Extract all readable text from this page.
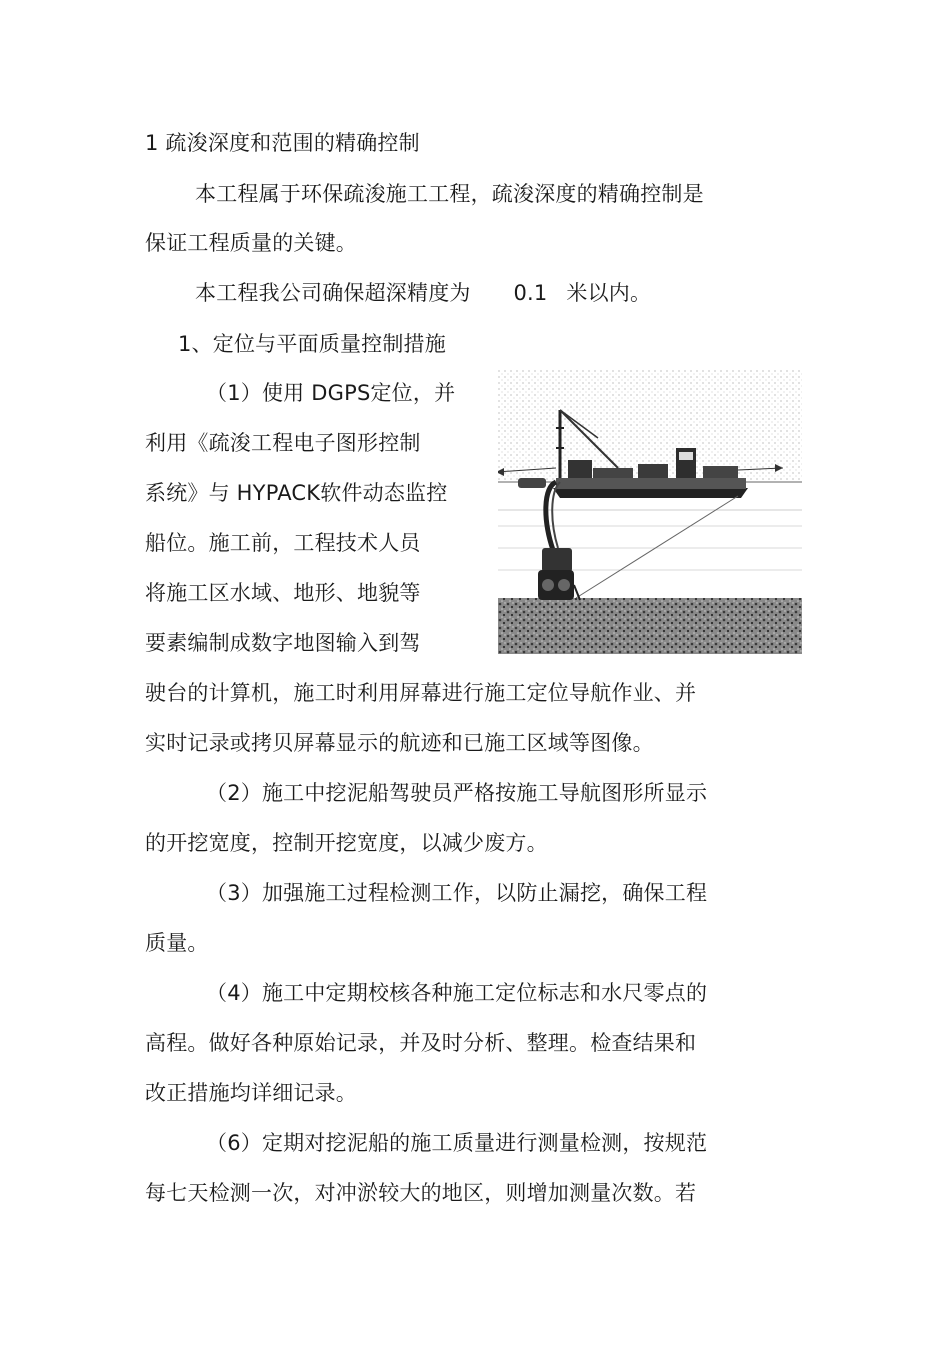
1 疏浚深度和范围的精确控制
本工程属于环保疏浚施工工程，疏浚深度的精确控制是
保证工程质量的关键。
本工程我公司确保超深精度为 0.1 米以内。
1、定位与平面质量控制措施
（1）使用 DGPS定位，并
利用《疏浚工程电子图形控制
系统》与 HYPACK软件动态监控
船位。施工前，工程技术人员
将施工区水域、地形、地貌等
要素编制成数字地图输入到驾
驶台的计算机，施工时利用屏幕进行施工定位导航作业、并
实时记录或拷贝屏幕显示的航迹和已施工区域等图像。
（2）施工中挖泥船驾驶员严格按施工导航图形所显示
的开挖宽度，控制开挖宽度，以减少废方。
（3）加强施工过程检测工作，以防止漏挖，确保工程
质量。
（4）施工中定期校核各种施工定位标志和水尺零点的
高程。做好各种原始记录，并及时分析、整理。检查结果和
改正措施均详细记录。
（6）定期对挖泥船的施工质量进行测量检测，按规范
每七天检测一次，对冲淤较大的地区，则增加测量次数。若
